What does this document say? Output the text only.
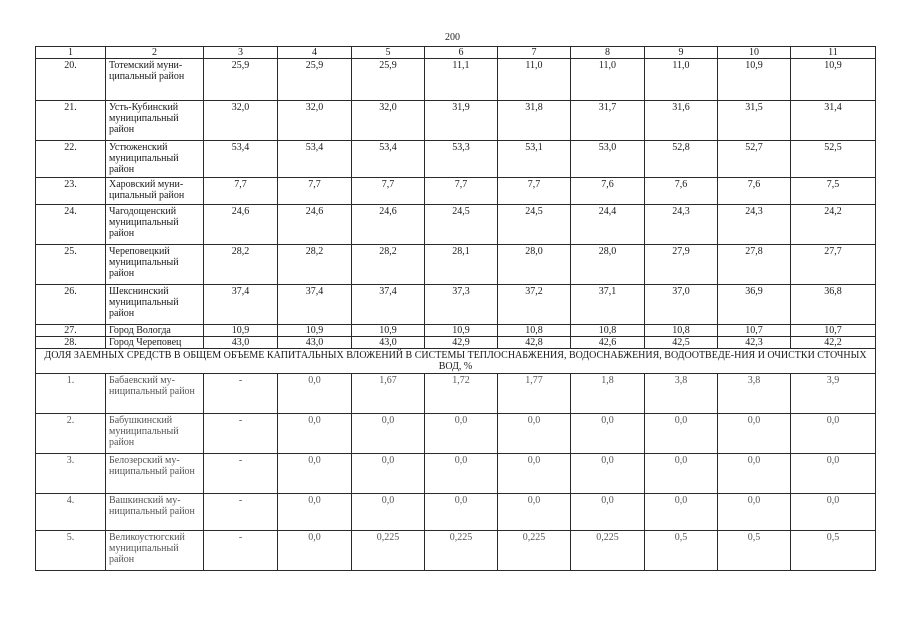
200
1	2	3	4	5	6	7	8	9	10	11
20.	Тотемский муни-ципальный район	25,9	25,9	25,9	11,1	11,0	11,0	11,0	10,9	10,9
21.	Усть-Кубинский муниципальный район	32,0	32,0	32,0	31,9	31,8	31,7	31,6	31,5	31,4
22.	Устюженский муниципальный район	53,4	53,4	53,4	53,3	53,1	53,0	52,8	52,7	52,5
23.	Харовский муни-ципальный район	7,7	7,7	7,7	7,7	7,7	7,6	7,6	7,6	7,5
24.	Чагодощенский муниципальный район	24,6	24,6	24,6	24,5	24,5	24,4	24,3	24,3	24,2
25.	Череповецкий муниципальный район	28,2	28,2	28,2	28,1	28,0	28,0	27,9	27,8	27,7
26.	Шекснинский муниципальный район	37,4	37,4	37,4	37,3	37,2	37,1	37,0	36,9	36,8
27.	Город Вологда	10,9	10,9	10,9	10,9	10,8	10,8	10,8	10,7	10,7
28.	Город Череповец	43,0	43,0	43,0	42,9	42,8	42,6	42,5	42,3	42,2
ДОЛЯ ЗАЕМНЫХ СРЕДСТВ В ОБЩЕМ ОБЪЕМЕ КАПИТАЛЬНЫХ ВЛОЖЕНИЙ В СИСТЕМЫ ТЕПЛОСНАБЖЕНИЯ, ВОДОСНАБЖЕНИЯ, ВОДООТВЕДЕ-НИЯ И ОЧИСТКИ СТОЧНЫХ ВОД, %										
1.	Бабаевский му-ниципальный район	-	0,0	1,67	1,72	1,77	1,8	3,8	3,8	3,9
2.	Бабушкинский муниципальный район	-	0,0	0,0	0,0	0,0	0,0	0,0	0,0	0,0
3.	Белозерский му-ниципальный район	-	0,0	0,0	0,0	0,0	0,0	0,0	0,0	0,0
4.	Вашкинский му-ниципальный район	-	0,0	0,0	0,0	0,0	0,0	0,0	0,0	0,0
5.	Великоустюгский муниципальный район	-	0,0	0,225	0,225	0,225	0,225	0,5	0,5	0,5
